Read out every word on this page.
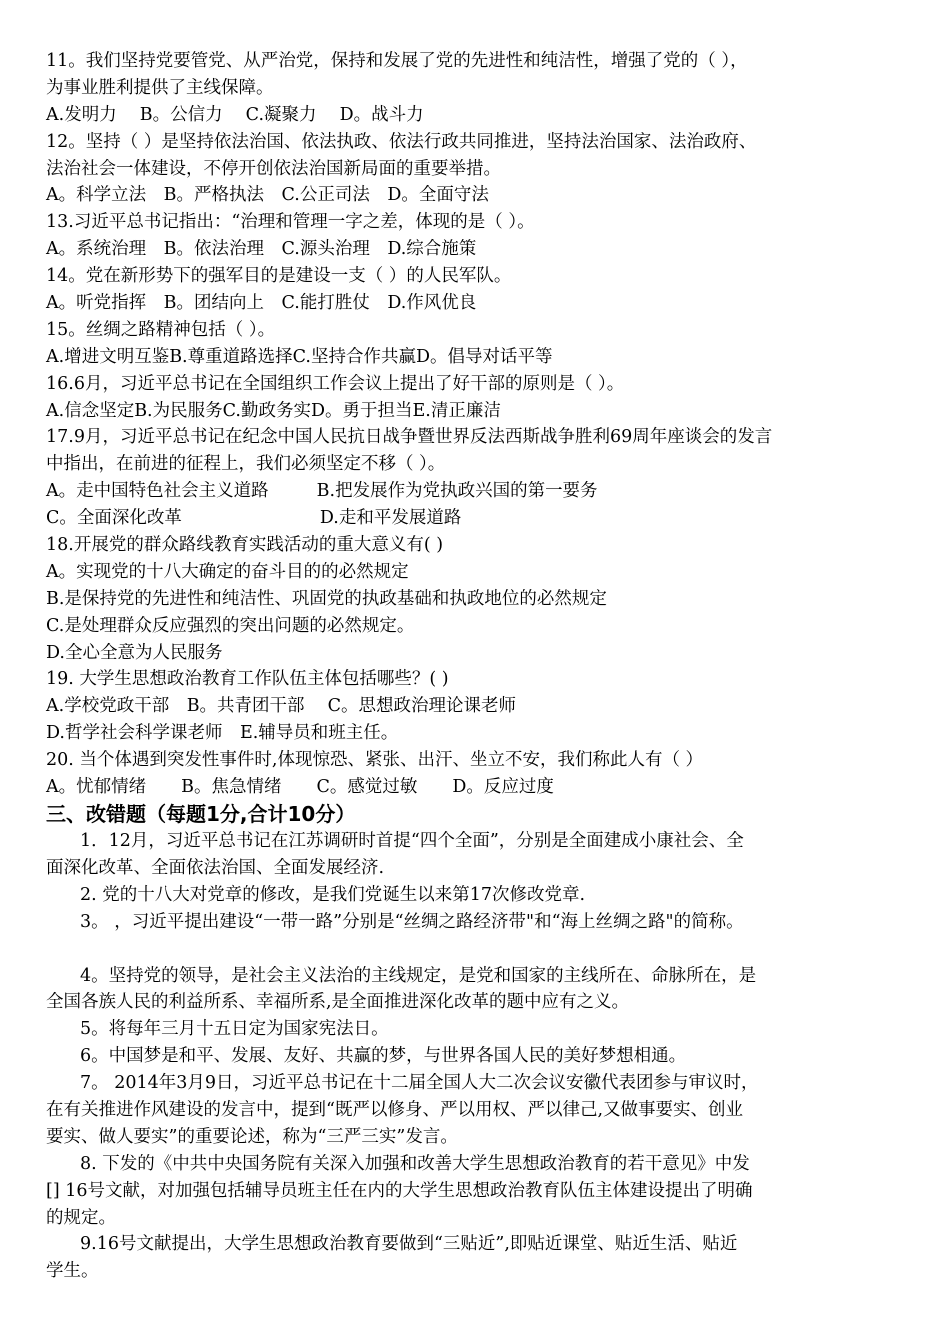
11。我们坚持党要管党、从严治党，保持和发展了党的先进性和纯洁性，增强了党的（ ），
为事业胜利提供了主线保障。
A.发明力　 B。公信力　 C.凝聚力　 D。战斗力
12。坚持（ ）是坚持依法治国、依法执政、依法行政共同推进，坚持法治国家、法治政府、
法治社会一体建设，不停开创依法治国新局面的重要举措。
A。科学立法　B。严格执法　C.公正司法　D。全面守法
13.习近平总书记指出：“治理和管理一字之差，体现的是（ ）。
A。系统治理　B。依法治理　C.源头治理　D.综合施策
14。党在新形势下的强军目的是建设一支（ ）的人民军队。
A。听党指挥　B。团结向上　C.能打胜仗　D.作风优良
15。丝绸之路精神包括（ ）。
A.增进文明互鉴B.尊重道路选择C.坚持合作共赢D。倡导对话平等
16.6月，习近平总书记在全国组织工作会议上提出了好干部的原则是（ ）。
A.信念坚定B.为民服务C.勤政务实D。勇于担当E.清正廉洁
17.9月，习近平总书记在纪念中国人民抗日战争暨世界反法西斯战争胜利69周年座谈会的发言
中指出，在前进的征程上，我们必须坚定不移（ ）。
A。走中国特色社会主义道路	B.把发展作为党执政兴国的第一要务
C。全面深化改革	D.走和平发展道路
18.开展党的群众路线教育实践活动的重大意义有( )
A。实现党的十八大确定的奋斗目的的必然规定
B.是保持党的先进性和纯洁性、巩固党的执政基础和执政地位的必然规定
C.是处理群众反应强烈的突出问题的必然规定。
D.全心全意为人民服务
19. 大学生思想政治教育工作队伍主体包括哪些？( )
A.学校党政干部　B。共青团干部　 C。思想政治理论课老师
D.哲学社会科学课老师　E.辅导员和班主任。
20. 当个体遇到突发性事件时,体现惊恐、紧张、出汗、坐立不安，我们称此人有（ ）
A。忧郁情绪　　B。焦急情绪　　C。感觉过敏　　D。反应过度
三、改错题（每题1分,合计10分）
1．12月，习近平总书记在江苏调研时首提“四个全面”，分别是全面建成小康社会、全
面深化改革、全面依法治国、全面发展经济.
2. 党的十八大对党章的修改，是我们党诞生以来第17次修改党章.
3。 ，习近平提出建设“一带一路”分别是“丝绸之路经济带"和“海上丝绸之路"的简称。
4。坚持党的领导，是社会主义法治的主线规定，是党和国家的主线所在、命脉所在，是
全国各族人民的利益所系、幸福所系,是全面推进深化改革的题中应有之义。
5。将每年三月十五日定为国家宪法日。
6。中国梦是和平、发展、友好、共赢的梦，与世界各国人民的美好梦想相通。
7。 2014年3月9日，习近平总书记在十二届全国人大二次会议安徽代表团参与审议时，
在有关推进作风建设的发言中，提到“既严以修身、严以用权、严以律己,又做事要实、创业
要实、做人要实”的重要论述，称为“三严三实”发言。
8. 下发的《中共中央国务院有关深入加强和改善大学生思想政治教育的若干意见》中发
[] 16号文献，对加强包括辅导员班主任在内的大学生思想政治教育队伍主体建设提出了明确
的规定。
9.16号文献提出，大学生思想政治教育要做到“三贴近”,即贴近课堂、贴近生活、贴近
学生。
